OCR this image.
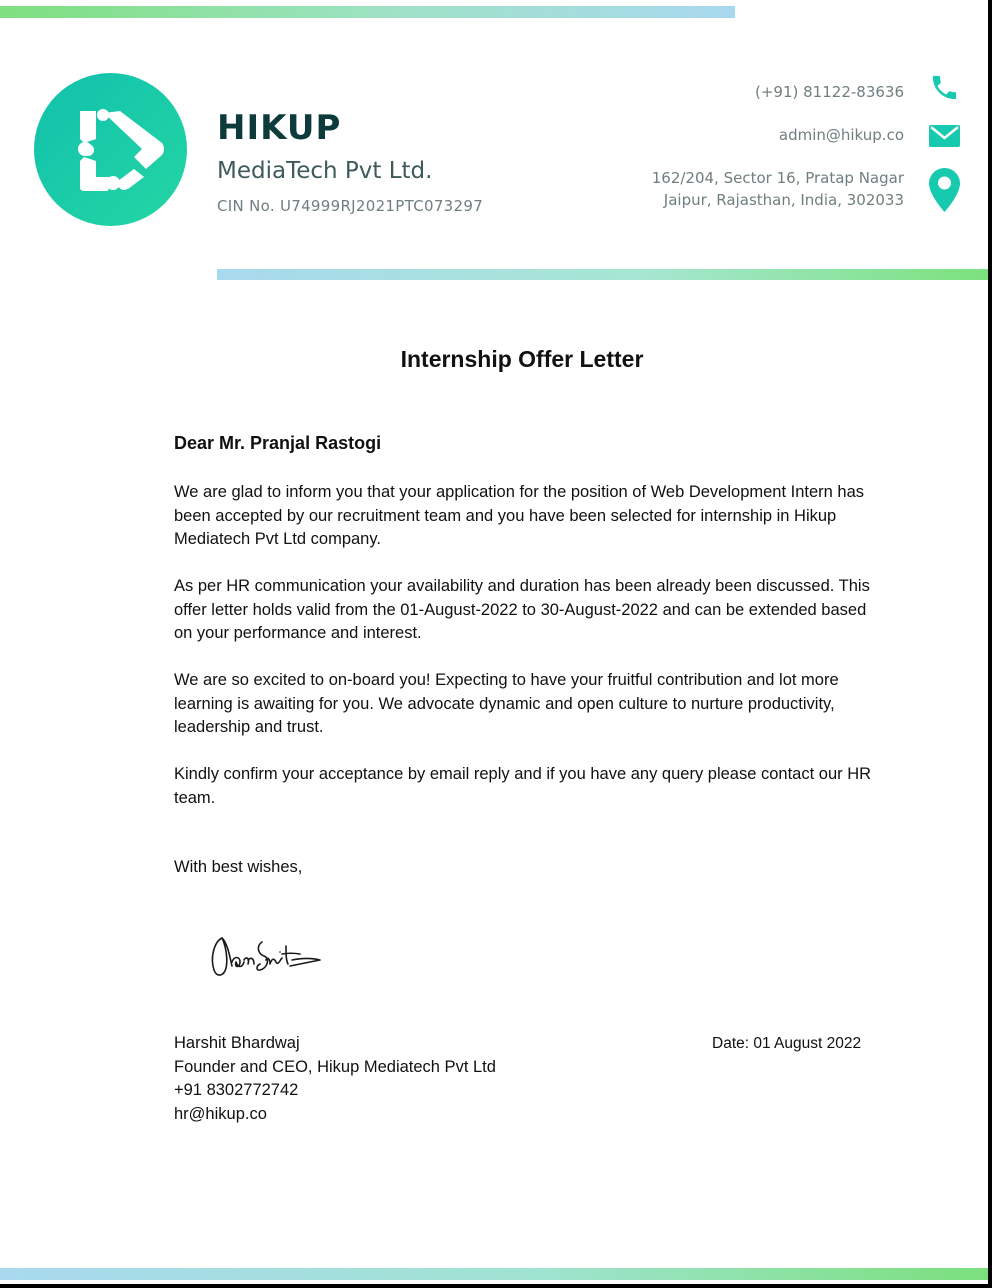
HIKUP
MediaTech Pvt Ltd.
CIN No. U74999RJ2021PTC073297
(+91) 81122-83636
admin@hikup.co
162/204, Sector 16, Pratap Nagar
Jaipur, Rajasthan, India, 302033
Internship Offer Letter
Dear Mr. Pranjal Rastogi
We are glad to inform you that your application for the position of Web Development Intern has been accepted by our recruitment team and you have been selected for internship in Hikup Mediatech Pvt Ltd company.
As per HR communication your availability and duration has been already been discussed. This offer letter holds valid from the 01-August-2022 to 30-August-2022 and can be extended based on your performance and interest.
We are so excited to on-board you! Expecting to have your fruitful contribution and lot more learning is awaiting for you. We advocate dynamic and open culture to nurture productivity, leadership and trust.
Kindly confirm your acceptance by email reply and if you have any query please contact our HR team.
With best wishes,
Harshit Bhardwaj
Founder and CEO, Hikup Mediatech Pvt Ltd
+91 8302772742
hr@hikup.co
Date: 01 August 2022
